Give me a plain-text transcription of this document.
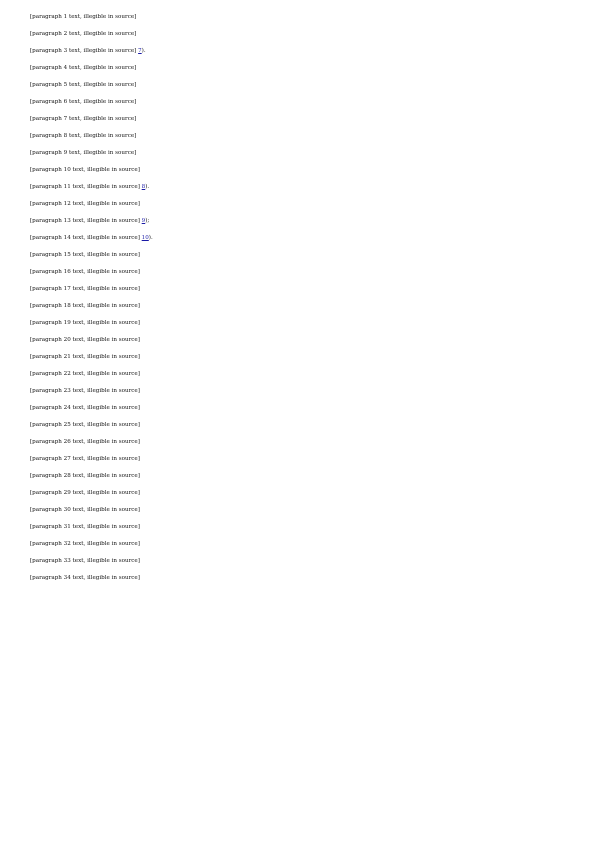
[paragraph 1 text, illegible in source]

[paragraph 2 text, illegible in source]

[paragraph 3 text, illegible in source] 7).

[paragraph 4 text, illegible in source]

[paragraph 5 text, illegible in source]

[paragraph 6 text, illegible in source]

[paragraph 7 text, illegible in source]

[paragraph 8 text, illegible in source]

[paragraph 9 text, illegible in source]

[paragraph 10 text, illegible in source]

[paragraph 11 text, illegible in source] 8).

[paragraph 12 text, illegible in source]

[paragraph 13 text, illegible in source] 9);

[paragraph 14 text, illegible in source] 10).

[paragraph 15 text, illegible in source]

[paragraph 16 text, illegible in source]

[paragraph 17 text, illegible in source]

[paragraph 18 text, illegible in source]

[paragraph 19 text, illegible in source]

[paragraph 20 text, illegible in source]

[paragraph 21 text, illegible in source]

[paragraph 22 text, illegible in source]

[paragraph 23 text, illegible in source]

[paragraph 24 text, illegible in source]

[paragraph 25 text, illegible in source]

[paragraph 26 text, illegible in source]

[paragraph 27 text, illegible in source]

[paragraph 28 text, illegible in source]

[paragraph 29 text, illegible in source]

[paragraph 30 text, illegible in source]

[paragraph 31 text, illegible in source]

[paragraph 32 text, illegible in source]

[paragraph 33 text, illegible in source]

[paragraph 34 text, illegible in source]
